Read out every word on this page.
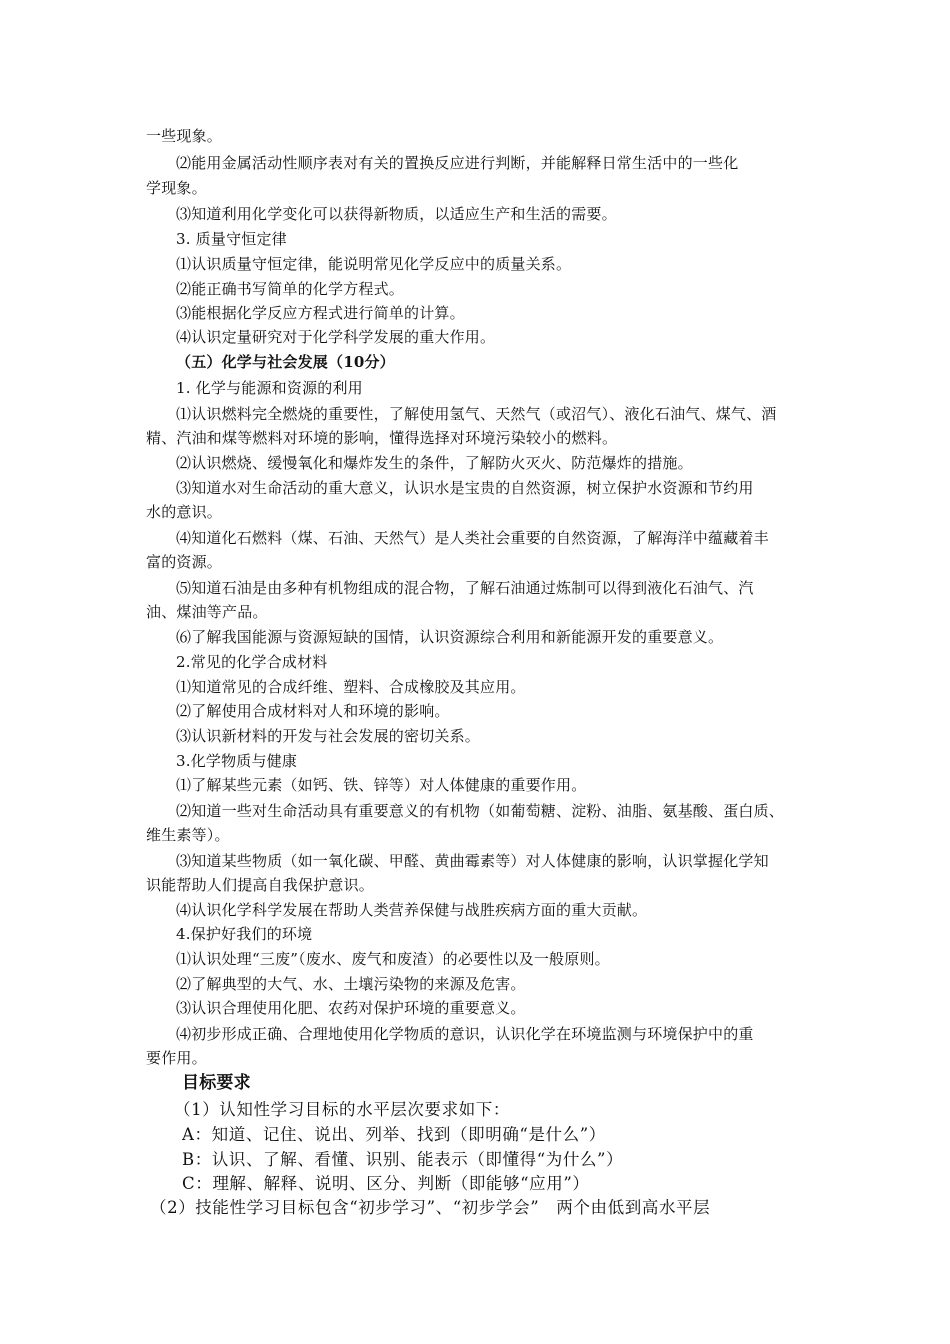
一些现象。
⑵能用金属活动性顺序表对有关的置换反应进行判断，并能解释日常生活中的一些化
学现象。
⑶知道利用化学变化可以获得新物质，以适应生产和生活的需要。
3. 质量守恒定律
⑴认识质量守恒定律，能说明常见化学反应中的质量关系。
⑵能正确书写简单的化学方程式。
⑶能根据化学反应方程式进行简单的计算。
⑷认识定量研究对于化学科学发展的重大作用。
（五）化学与社会发展（10分）
1. 化学与能源和资源的利用
⑴认识燃料完全燃烧的重要性，了解使用氢气、天然气（或沼气）、液化石油气、煤气、酒
精、汽油和煤等燃料对环境的影响，懂得选择对环境污染较小的燃料。
⑵认识燃烧、缓慢氧化和爆炸发生的条件，了解防火灭火、防范爆炸的措施。
⑶知道水对生命活动的重大意义，认识水是宝贵的自然资源，树立保护水资源和节约用
水的意识。
⑷知道化石燃料（煤、石油、天然气）是人类社会重要的自然资源，了解海洋中蕴藏着丰
富的资源。
⑸知道石油是由多种有机物组成的混合物，了解石油通过炼制可以得到液化石油气、汽
油、煤油等产品。
⑹了解我国能源与资源短缺的国情，认识资源综合利用和新能源开发的重要意义。
2.常见的化学合成材料
⑴知道常见的合成纤维、塑料、合成橡胶及其应用。
⑵了解使用合成材料对人和环境的影响。
⑶认识新材料的开发与社会发展的密切关系。
3.化学物质与健康
⑴了解某些元素（如钙、铁、锌等）对人体健康的重要作用。
⑵知道一些对生命活动具有重要意义的有机物（如葡萄糖、淀粉、油脂、氨基酸、蛋白质、
维生素等）。
⑶知道某些物质（如一氧化碳、甲醛、黄曲霉素等）对人体健康的影响，认识掌握化学知
识能帮助人们提高自我保护意识。
⑷认识化学科学发展在帮助人类营养保健与战胜疾病方面的重大贡献。
4.保护好我们的环境
⑴认识处理“三废”（废水、废气和废渣）的必要性以及一般原则。
⑵了解典型的大气、水、土壤污染物的来源及危害。
⑶认识合理使用化肥、农药对保护环境的重要意义。
⑷初步形成正确、合理地使用化学物质的意识，认识化学在环境监测与环境保护中的重
要作用。
目标要求
（1）认知性学习目标的水平层次要求如下：
A：知道、记住、说出、列举、找到（即明确“是什么”）
B：认识、了解、看懂、识别、能表示（即懂得“为什么”）
C：理解、解释、说明、区分、判断（即能够“应用”）
（2）技能性学习目标包含“初步学习”、“初步学会”　两个由低到高水平层
